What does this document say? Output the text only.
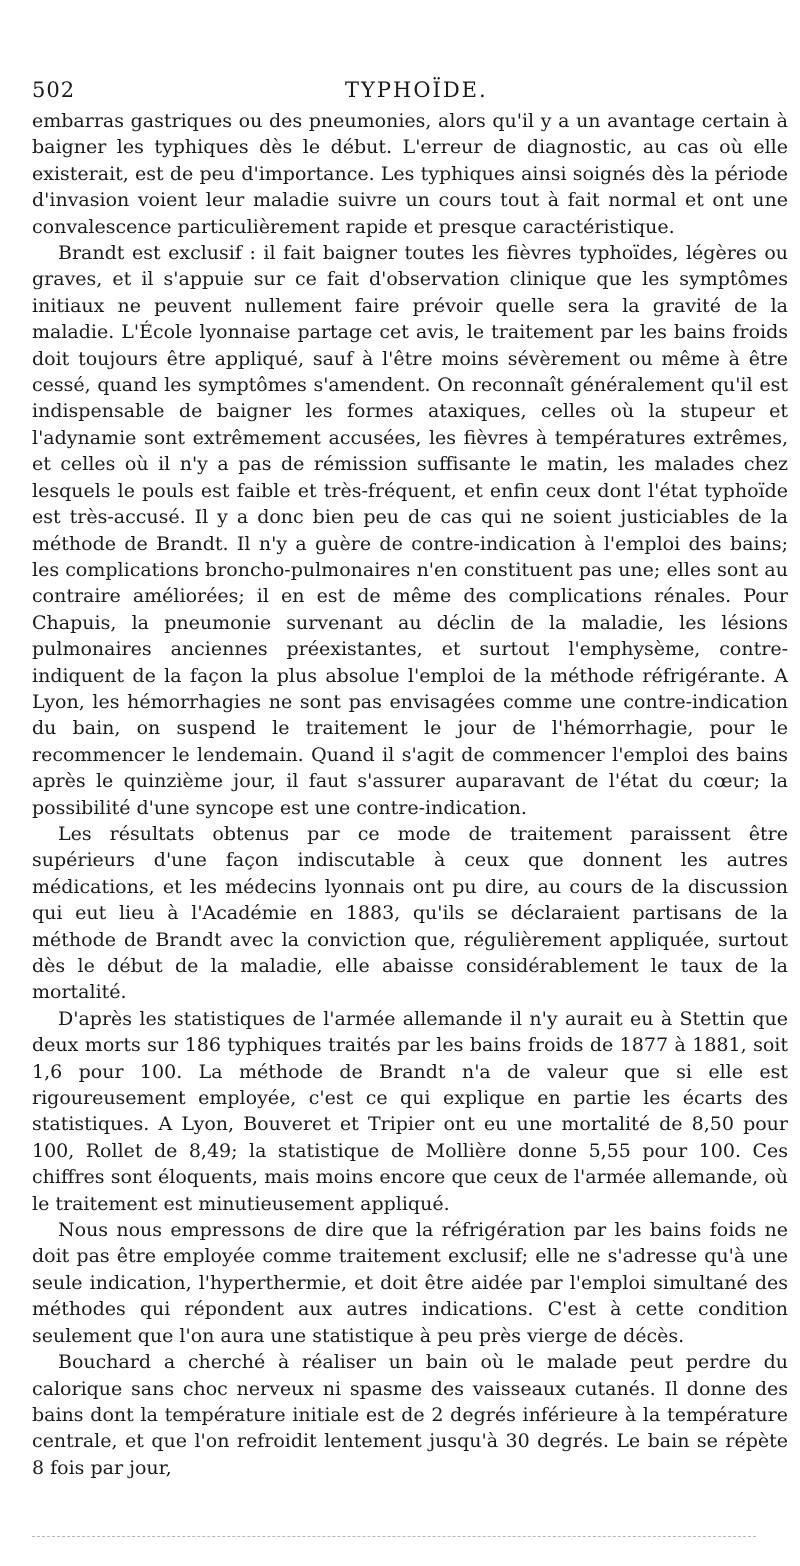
502	TYPHOÏDE.

embarras gastriques ou des pneumonies, alors qu'il y a un avantage certain à baigner les typhiques dès le début. L'erreur de diagnostic, au cas où elle existerait, est de peu d'importance. Les typhiques ainsi soignés dès la période d'invasion voient leur maladie suivre un cours tout à fait normal et ont une convalescence particulièrement rapide et presque caractéristique.

Brandt est exclusif : il fait baigner toutes les fièvres typhoïdes, légères ou graves, et il s'appuie sur ce fait d'observation clinique que les symptômes initiaux ne peuvent nullement faire prévoir quelle sera la gravité de la maladie. L'École lyonnaise partage cet avis, le traitement par les bains froids doit toujours être appliqué, sauf à l'être moins sévèrement ou même à être cessé, quand les symptômes s'amendent. On reconnaît généralement qu'il est indispensable de baigner les formes ataxiques, celles où la stupeur et l'adynamie sont extrêmement accusées, les fièvres à températures extrêmes, et celles où il n'y a pas de rémission suffisante le matin, les malades chez lesquels le pouls est faible et très-fréquent, et enfin ceux dont l'état typhoïde est très-accusé. Il y a donc bien peu de cas qui ne soient justiciables de la méthode de Brandt. Il n'y a guère de contre-indication à l'emploi des bains; les complications broncho-pulmonaires n'en constituent pas une; elles sont au contraire améliorées; il en est de même des complications rénales. Pour Chapuis, la pneumonie survenant au déclin de la maladie, les lésions pulmonaires anciennes préexistantes, et surtout l'emphysème, contre-indiquent de la façon la plus absolue l'emploi de la méthode réfrigérante. A Lyon, les hémorrhagies ne sont pas envisagées comme une contre-indication du bain, on suspend le traitement le jour de l'hémorrhagie, pour le recommencer le lendemain. Quand il s'agit de commencer l'emploi des bains après le quinzième jour, il faut s'assurer auparavant de l'état du cœur; la possibilité d'une syncope est une contre-indication.

Les résultats obtenus par ce mode de traitement paraissent être supérieurs d'une façon indiscutable à ceux que donnent les autres médications, et les médecins lyonnais ont pu dire, au cours de la discussion qui eut lieu à l'Académie en 1883, qu'ils se déclaraient partisans de la méthode de Brandt avec la conviction que, régulièrement appliquée, surtout dès le début de la maladie, elle abaisse considérablement le taux de la mortalité.

D'après les statistiques de l'armée allemande il n'y aurait eu à Stettin que deux morts sur 186 typhiques traités par les bains froids de 1877 à 1881, soit 1,6 pour 100. La méthode de Brandt n'a de valeur que si elle est rigoureusement employée, c'est ce qui explique en partie les écarts des statistiques. A Lyon, Bouveret et Tripier ont eu une mortalité de 8,50 pour 100, Rollet de 8,49; la statistique de Mollière donne 5,55 pour 100. Ces chiffres sont éloquents, mais moins encore que ceux de l'armée allemande, où le traitement est minutieusement appliqué.

Nous nous empressons de dire que la réfrigération par les bains foids ne doit pas être employée comme traitement exclusif; elle ne s'adresse qu'à une seule indication, l'hyperthermie, et doit être aidée par l'emploi simultané des méthodes qui répondent aux autres indications. C'est à cette condition seulement que l'on aura une statistique à peu près vierge de décès.

Bouchard a cherché à réaliser un bain où le malade peut perdre du calorique sans choc nerveux ni spasme des vaisseaux cutanés. Il donne des bains dont la température initiale est de 2 degrés inférieure à la température centrale, et que l'on refroidit lentement jusqu'à 30 degrés. Le bain se répète 8 fois par jour,
